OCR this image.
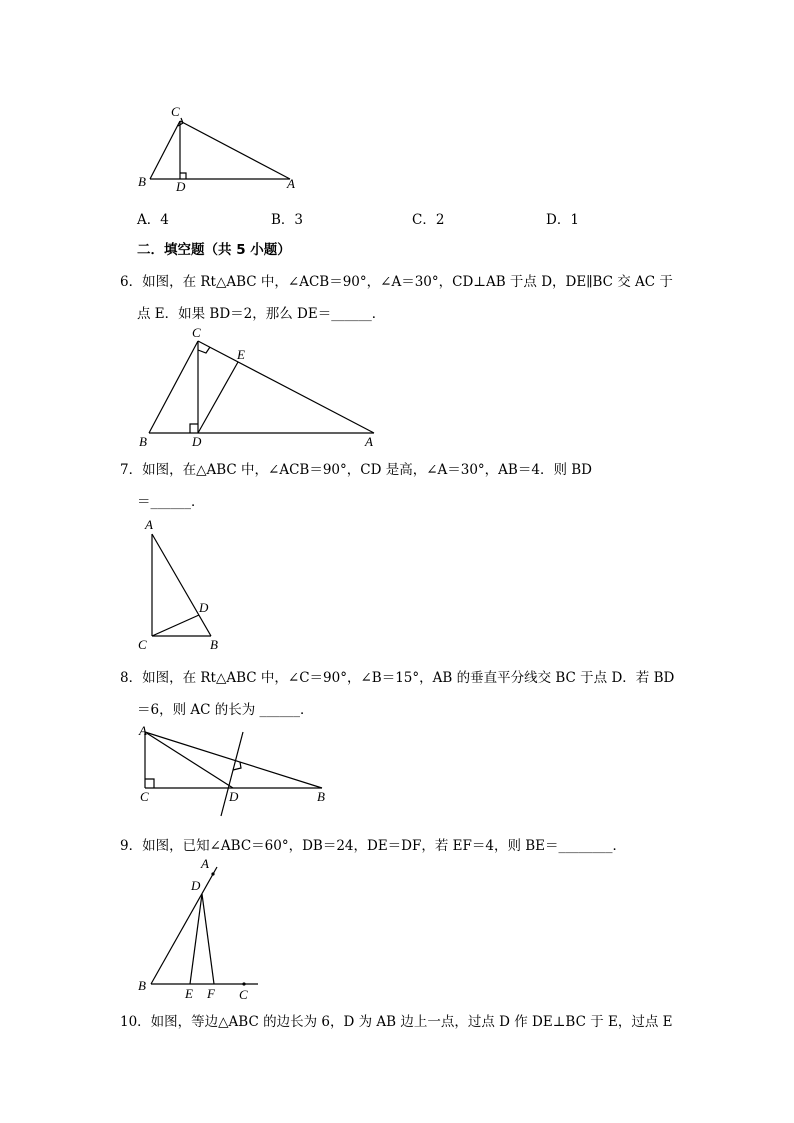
C
B D	A
A．4	B．3	C．2	D．1
二．填空题（共 5 小题）
6．如图，在 Rt△ABC 中，∠ACB＝90°，∠A＝30°，CD⊥AB 于点 D，DE∥BC 交 AC 于
点 E．如果 BD＝2，那么 DE＝______．
C
E
B	D	A
7．如图，在△ABC 中，∠ACB＝90°，CD 是高，∠A＝30°，AB＝4．则 BD
＝______．
A
D
C	B
8．如图，在 Rt△ABC 中，∠C＝90°，∠B＝15°，AB 的垂直平分线交 BC 于点 D．若 BD
＝6，则 AC 的长为 ______．
A
C	D	B
9．如图，已知∠ABC＝60°，DB＝24，DE＝DF，若 EF＝4，则 BE＝________．
A
D
B
E F C
10．如图，等边△ABC 的边长为 6，D 为 AB 边上一点，过点 D 作 DE⊥BC 于 E，过点 E
